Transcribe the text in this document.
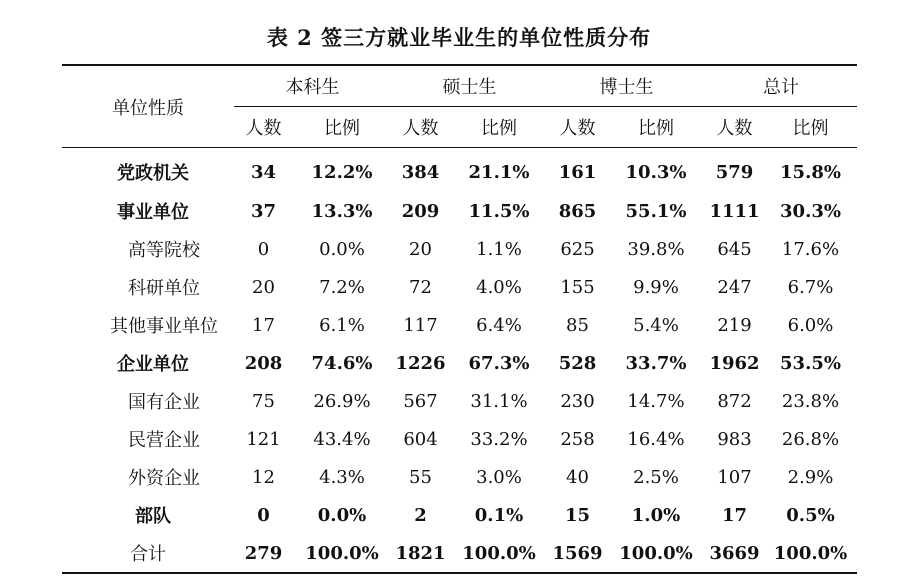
表 2 签三方就业毕业生的单位性质分布
单位性质	本科生		硕士生		博士生		总计	
	人数	比例	人数	比例	人数	比例	人数	比例
党政机关	34	12.2%	384	21.1%	161	10.3%	579	15.8%
事业单位	37	13.3%	209	11.5%	865	55.1%	1111	30.3%
高等院校	0	0.0%	20	1.1%	625	39.8%	645	17.6%
科研单位	20	7.2%	72	4.0%	155	9.9%	247	6.7%
其他事业单位	17	6.1%	117	6.4%	85	5.4%	219	6.0%
企业单位	208	74.6%	1226	67.3%	528	33.7%	1962	53.5%
国有企业	75	26.9%	567	31.1%	230	14.7%	872	23.8%
民营企业	121	43.4%	604	33.2%	258	16.4%	983	26.8%
外资企业	12	4.3%	55	3.0%	40	2.5%	107	2.9%
部队	0	0.0%	2	0.1%	15	1.0%	17	0.5%
合计	279	100.0%	1821	100.0%	1569	100.0%	3669	100.0%
